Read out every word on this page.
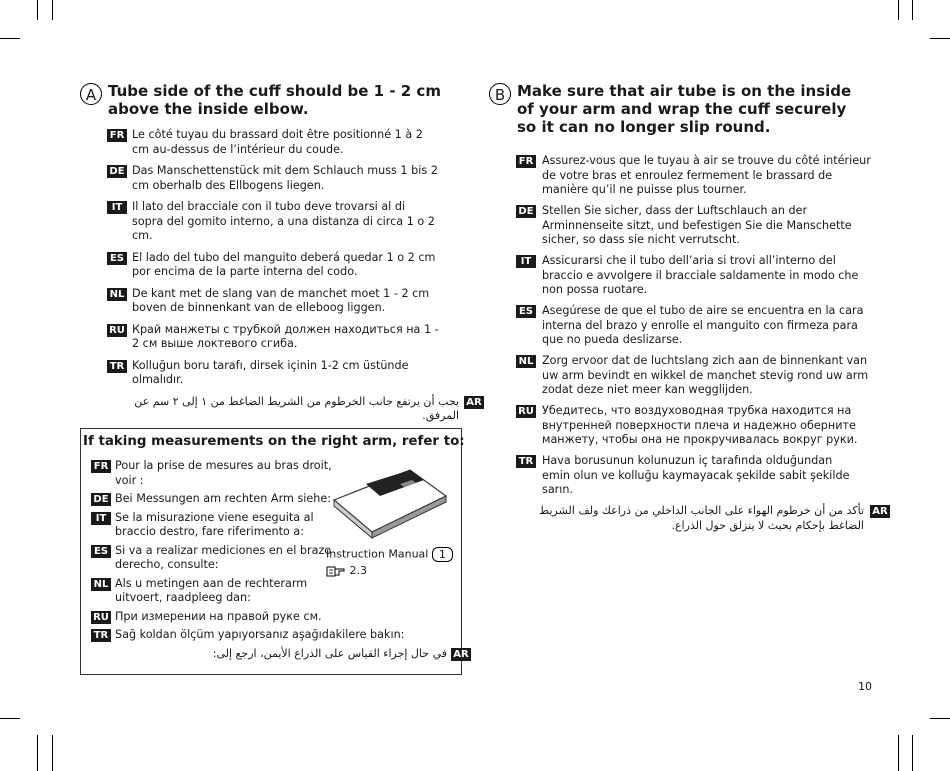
A Tube side of the cuff should be 1 - 2 cm above the inside elbow.
FR Le côté tuyau du brassard doit être positionné 1 à 2 cm au-dessus de l’intérieur du coude.
DE Das Manschettenstück mit dem Schlauch muss 1 bis 2 cm oberhalb des Ellbogens liegen.
IT Il lato del bracciale con il tubo deve trovarsi al di sopra del gomito interno, a una distanza di circa 1 o 2 cm.
ES El lado del tubo del manguito deberá quedar 1 o 2 cm por encima de la parte interna del codo.
NL De kant met de slang van de manchet moet 1 - 2 cm boven de binnenkant van de elleboog liggen.
RU Край манжеты с трубкой должен находиться на 1 - 2 см выше локтевого сгиба.
TR Kolluğun boru tarafı, dirsek içinin 1-2 cm üstünde olmalıdır.
AR
يجب أن يرتفع جانب الخرطوم من الشريط الضاغط من ١ إلى ٢ سم عن المرفق.
B Make sure that air tube is on the inside of your arm and wrap the cuff securely so it can no longer slip round.
FR Assurez-vous que le tuyau à air se trouve du côté intérieur de votre bras et enroulez fermement le brassard de manière qu’il ne puisse plus tourner.
DE Stellen Sie sicher, dass der Luftschlauch an der Arminnenseite sitzt, und befestigen Sie die Manschette sicher, so dass sie nicht verrutscht.
IT Assicurarsi che il tubo dell’aria si trovi all’interno del braccio e avvolgere il bracciale saldamente in modo che non possa ruotare.
ES Asegúrese de que el tubo de aire se encuentra en la cara interna del brazo y enrolle el manguito con firmeza para que no pueda deslizarse.
NL Zorg ervoor dat de luchtslang zich aan de binnenkant van uw arm bevindt en wikkel de manchet stevig rond uw arm zodat deze niet meer kan wegglijden.
RU Убедитесь, что воздуховодная трубка находится на внутренней поверхности плеча и надежно оберните манжету, чтобы она не прокручивалась вокруг руки.
TR Hava borusunun kolunuzun iç tarafında olduğundan emin olun ve kolluğu kaymayacak şekilde sabit şekilde sarın.
AR
تأكد من أن خرطوم الهواء على الجانب الداخلي من ذراعك ولف الشريط الضاغط بإحكام بحيث لا ينزلق حول الذراع.
If taking measurements on the right arm, refer to:
FR Pour la prise de mesures au bras droit, voir :
DE Bei Messungen am rechten Arm siehe:
IT Se la misurazione viene eseguita al braccio destro, fare riferimento a:
ES Si va a realizar mediciones en el brazo derecho, consulte:
NL Als u metingen aan de rechterarm uitvoert, raadpleeg dan:
RU При измерении на правой руке см.
TR Sağ koldan ölçüm yapıyorsanız aşağıdakilere bakın:
AR
في حال إجراء القياس على الذراع الأيمن، ارجع إلى:
Instruction Manual 1
2.3
10
